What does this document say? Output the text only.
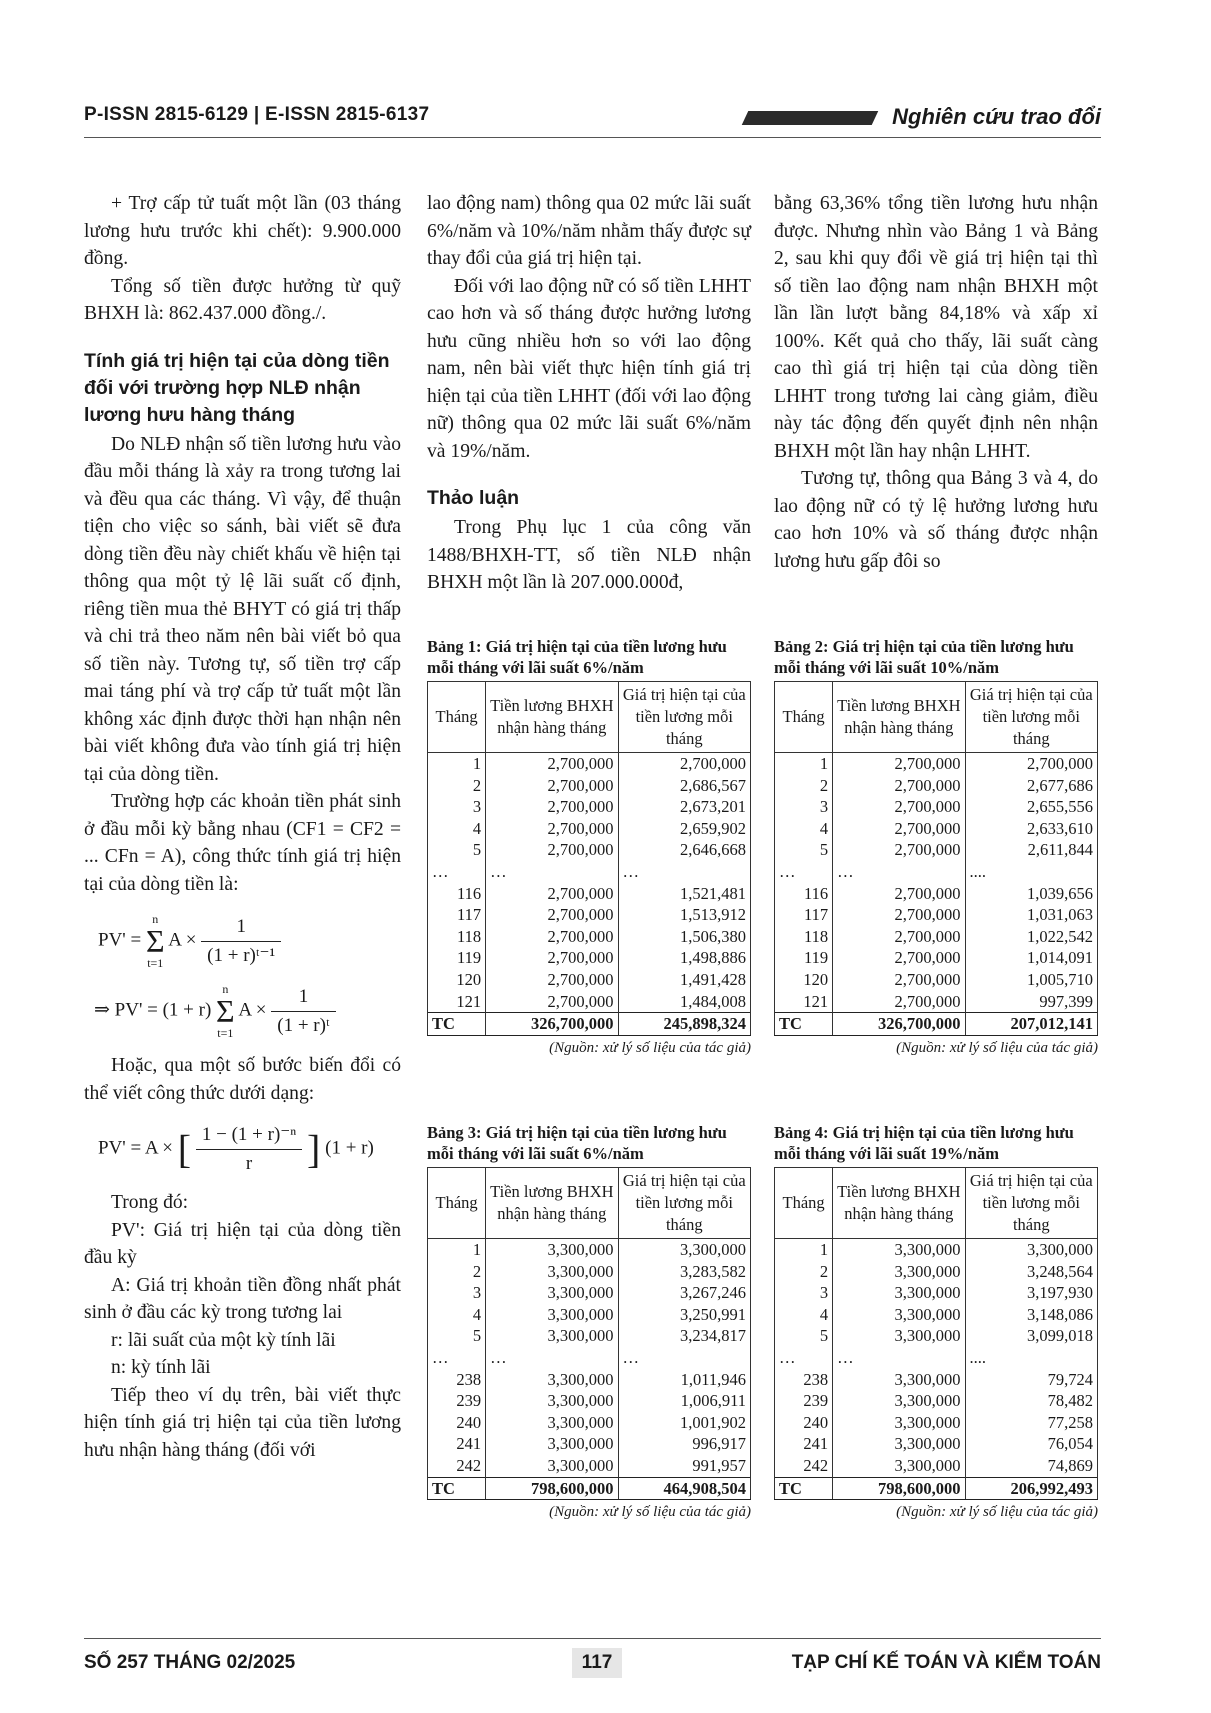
P-ISSN 2815-6129 | E-ISSN 2815-6137	Nghiên cứu trao đổi

+ Trợ cấp tử tuất một lần (03 tháng lương hưu trước khi chết): 9.900.000 đồng.

Tổng số tiền được hưởng từ quỹ BHXH là: 862.437.000 đồng./.

Tính giá trị hiện tại của dòng tiền đối với trường hợp NLĐ nhận lương hưu hàng tháng

Do NLĐ nhận số tiền lương hưu vào đầu mỗi tháng là xảy ra trong tương lai và đều qua các tháng. Vì vậy, để thuận tiện cho việc so sánh, bài viết sẽ đưa dòng tiền đều này chiết khấu về hiện tại thông qua một tỷ lệ lãi suất cố định, riêng tiền mua thẻ BHYT có giá trị thấp và chi trả theo năm nên bài viết bỏ qua số tiền này. Tương tự, số tiền trợ cấp mai táng phí và trợ cấp tử tuất một lần không xác định được thời hạn nhận nên bài viết không đưa vào tính giá trị hiện tại của dòng tiền.

Trường hợp các khoản tiền phát sinh ở đầu mỗi kỳ bằng nhau (CF1 = CF2 = ... CFn = A), công thức tính giá trị hiện tại của dòng tiền là:

PV' =
n
Σ
t=1
$A \times \frac{1}{\text{(1 + r)ᵗ⁻¹}}$
⇒ PV' = (1 + r)
n
Σ
t=1
$A \times \frac{1}{\text{(1 + r)ᵗ}}$

Hoặc, qua một số bước biến đổi có thể viết công thức dưới dạng:

PV' = A × [ $\frac{\text{1 − (1 + r)⁻ⁿ}}{r}$ ] (1 + r)

Trong đó:

PV': Giá trị hiện tại của dòng tiền đầu kỳ

A: Giá trị khoản tiền đồng nhất phát sinh ở đầu các kỳ trong tương lai

r: lãi suất của một kỳ tính lãi

n: kỳ tính lãi

Tiếp theo ví dụ trên, bài viết thực hiện tính giá trị hiện tại của tiền lương hưu nhận hàng tháng (đối với

lao động nam) thông qua 02 mức lãi suất 6%/năm và 10%/năm nhằm thấy được sự thay đổi của giá trị hiện tại.

Đối với lao động nữ có số tiền LHHT cao hơn và số tháng được hưởng lương hưu cũng nhiều hơn so với lao động nam, nên bài viết thực hiện tính giá trị hiện tại của tiền LHHT (đối với lao động nữ) thông qua 02 mức lãi suất 6%/năm và 19%/năm.

Thảo luận

Trong Phụ lục 1 của công văn 1488/BHXH-TT, số tiền NLĐ nhận BHXH một lần là 207.000.000đ,

bằng 63,36% tổng tiền lương hưu nhận được. Nhưng nhìn vào Bảng 1 và Bảng 2, sau khi quy đổi về giá trị hiện tại thì số tiền lao động nam nhận BHXH một lần lần lượt bằng 84,18% và xấp xỉ 100%. Kết quả cho thấy, lãi suất càng cao thì giá trị hiện tại của dòng tiền LHHT trong tương lai càng giảm, điều này tác động đến quyết định nên nhận BHXH một lần hay nhận LHHT.

Tương tự, thông qua Bảng 3 và 4, do lao động nữ có tỷ lệ hưởng lương hưu cao hơn 10% và số tháng được nhận lương hưu gấp đôi so

Bảng 1: Giá trị hiện tại của tiền lương hưu mỗi tháng với lãi suất 6%/năm
Tháng	Tiền lương BHXH nhận hàng tháng	Giá trị hiện tại của tiền lương mỗi tháng
1	2,700,000	2,700,000
2	2,700,000	2,686,567
3	2,700,000	2,673,201
4	2,700,000	2,659,902
5	2,700,000	2,646,668
…	…	…
116	2,700,000	1,521,481
117	2,700,000	1,513,912
118	2,700,000	1,506,380
119	2,700,000	1,498,886
120	2,700,000	1,491,428
121	2,700,000	1,484,008
TC	326,700,000	245,898,324
(Nguồn: xử lý số liệu của tác giả)
Bảng 2: Giá trị hiện tại của tiền lương hưu mỗi tháng với lãi suất 10%/năm
Tháng	Tiền lương BHXH nhận hàng tháng	Giá trị hiện tại của tiền lương mỗi tháng
1	2,700,000	2,700,000
2	2,700,000	2,677,686
3	2,700,000	2,655,556
4	2,700,000	2,633,610
5	2,700,000	2,611,844
…	…	....
116	2,700,000	1,039,656
117	2,700,000	1,031,063
118	2,700,000	1,022,542
119	2,700,000	1,014,091
120	2,700,000	1,005,710
121	2,700,000	997,399
TC	326,700,000	207,012,141
(Nguồn: xử lý số liệu của tác giả)
Bảng 3: Giá trị hiện tại của tiền lương hưu mỗi tháng với lãi suất 6%/năm
Tháng	Tiền lương BHXH nhận hàng tháng	Giá trị hiện tại của tiền lương mỗi tháng
1	3,300,000	3,300,000
2	3,300,000	3,283,582
3	3,300,000	3,267,246
4	3,300,000	3,250,991
5	3,300,000	3,234,817
…	…	…
238	3,300,000	1,011,946
239	3,300,000	1,006,911
240	3,300,000	1,001,902
241	3,300,000	996,917
242	3,300,000	991,957
TC	798,600,000	464,908,504
(Nguồn: xử lý số liệu của tác giả)
Bảng 4: Giá trị hiện tại của tiền lương hưu mỗi tháng với lãi suất 19%/năm
Tháng	Tiền lương BHXH nhận hàng tháng	Giá trị hiện tại của tiền lương mỗi tháng
1	3,300,000	3,300,000
2	3,300,000	3,248,564
3	3,300,000	3,197,930
4	3,300,000	3,148,086
5	3,300,000	3,099,018
…	…	....
238	3,300,000	79,724
239	3,300,000	78,482
240	3,300,000	77,258
241	3,300,000	76,054
242	3,300,000	74,869
TC	798,600,000	206,992,493
(Nguồn: xử lý số liệu của tác giả)
SỐ 257 THÁNG 02/2025	117	TẠP CHÍ KẾ TOÁN VÀ KIỂM TOÁN
